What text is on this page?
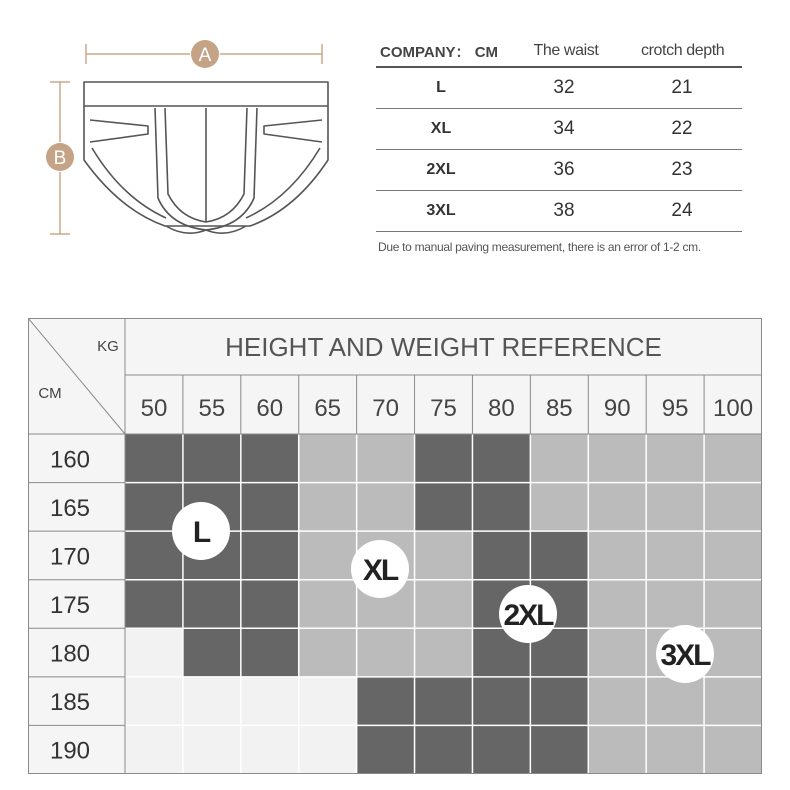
A
B
COMPANY： CM	The waist	crotch depth
L	32	21
XL	34	22
2XL	36	23
3XL	38	24
Due to manual paving measurement, there is an error of 1-2 cm.
HEIGHT AND WEIGHT REFERENCE
KG
CM
50 55 60 65 70 75 80 85 90 95 100
160
165
170
175
180
185
190
L
XL
2XL
3XL
